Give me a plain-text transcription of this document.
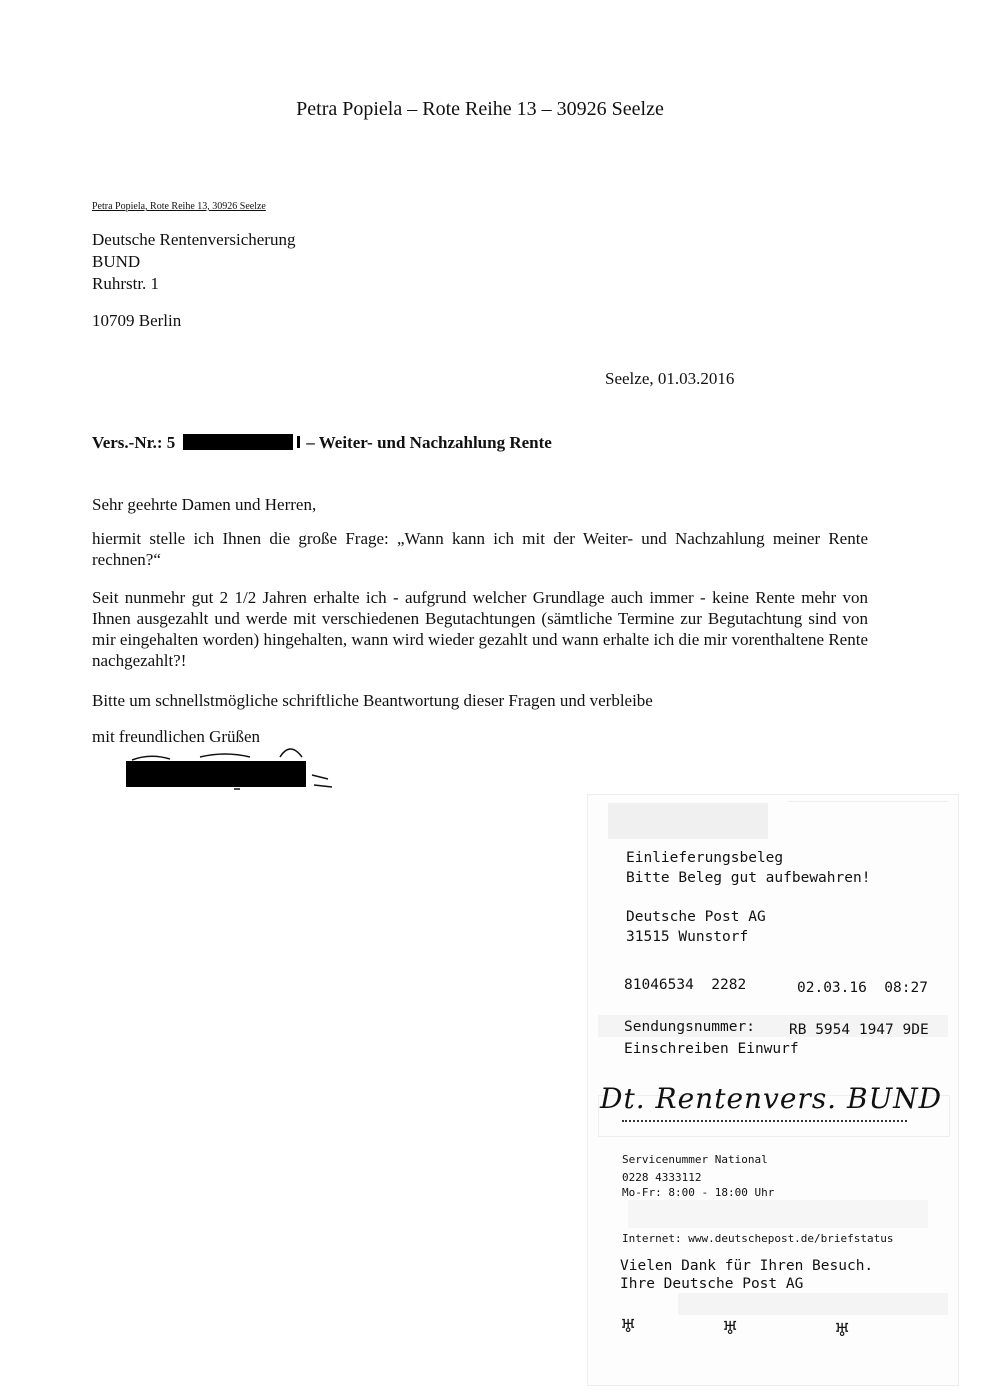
Petra Popiela – Rote Reihe 13 – 30926 Seelze
Petra Popiela, Rote Reihe 13, 30926 Seelze
Deutsche Rentenversicherung
BUND
Ruhrstr. 1
10709 Berlin
Seelze, 01.03.2016
Vers.-Nr.: 5	– Weiter- und Nachzahlung Rente
Sehr geehrte Damen und Herren,
hiermit stelle ich Ihnen die große Frage: „Wann kann ich mit der Weiter- und Nachzahlung meiner Rente rechnen?“
Seit nunmehr gut 2 1/2 Jahren erhalte ich - aufgrund welcher Grundlage auch immer - keine Rente mehr von Ihnen ausgezahlt und werde mit verschiedenen Begutachtungen (sämtliche Termine zur Begutachtung sind von mir eingehalten worden) hingehalten, wann wird wieder gezahlt und wann erhalte ich die mir vorenthaltene Rente nachgezahlt?!
Bitte um schnellstmögliche schriftliche Beantwortung dieser Fragen und verbleibe
mit freundlichen Grüßen
Einlieferungsbeleg
Bitte Beleg gut aufbewahren!
Deutsche Post AG
31515 Wunstorf
81046534  2282	02.03.16  08:27
Sendungsnummer: RB 5954 1947 9DE
Einschreiben Einwurf
Dt. Rentenvers. BUND
Servicenummer National
0228 4333112
Mo-Fr: 8:00 - 18:00 Uhr
Internet: www.deutschepost.de/briefstatus
Vielen Dank für Ihren Besuch.
Ihre Deutsche Post AG
♅	♅	♅
